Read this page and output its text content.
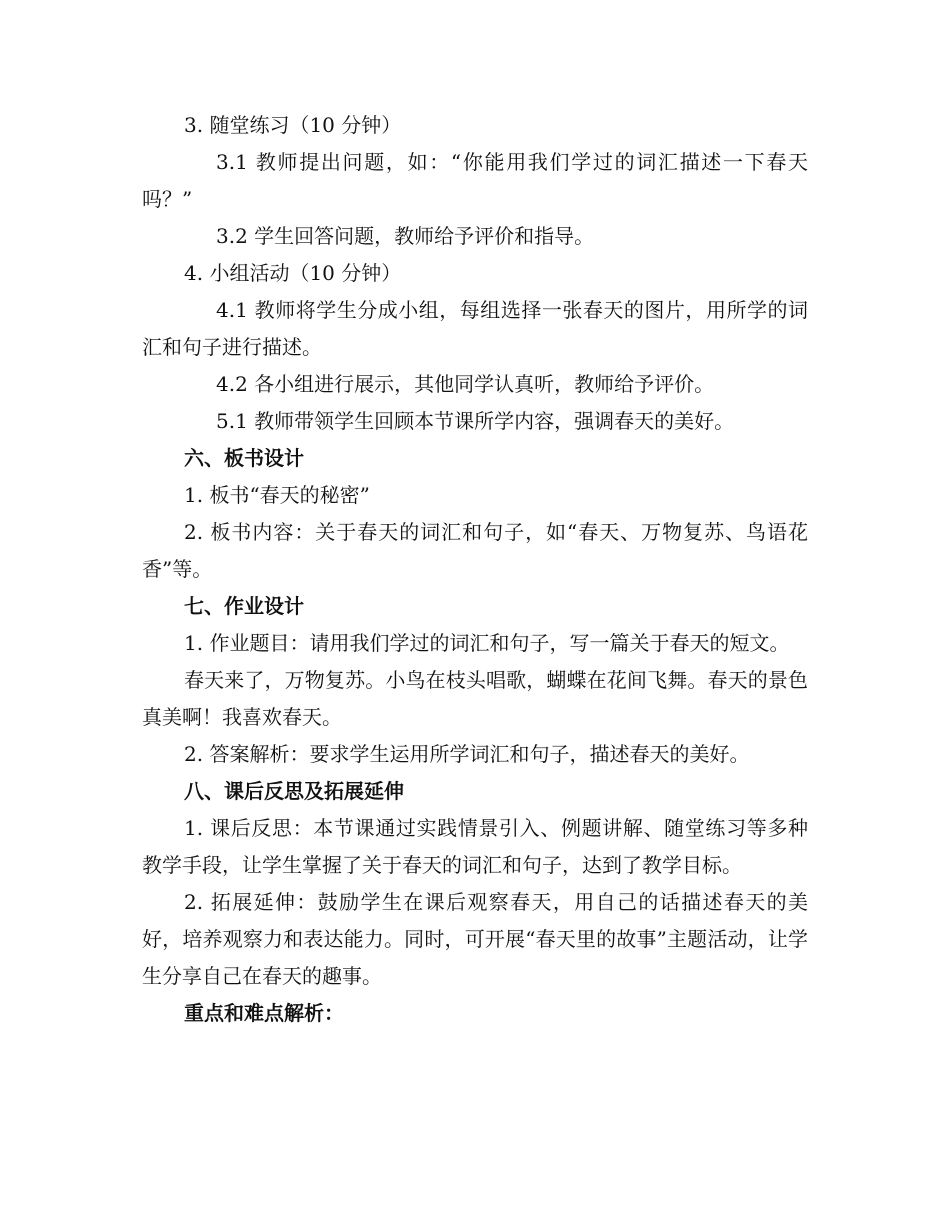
3. 随堂练习（10 分钟）

3.1 教师提出问题，如：“你能用我们学过的词汇描述一下春天吗？”

3.2 学生回答问题，教师给予评价和指导。

4. 小组活动（10 分钟）

4.1 教师将学生分成小组，每组选择一张春天的图片，用所学的词汇和句子进行描述。

4.2 各小组进行展示，其他同学认真听，教师给予评价。

5.1 教师带领学生回顾本节课所学内容，强调春天的美好。

六、板书设计

1. 板书“春天的秘密”

2. 板书内容：关于春天的词汇和句子，如“春天、万物复苏、鸟语花香”等。

七、作业设计

1. 作业题目：请用我们学过的词汇和句子，写一篇关于春天的短文。

春天来了，万物复苏。小鸟在枝头唱歌，蝴蝶在花间飞舞。春天的景色真美啊！我喜欢春天。

2. 答案解析：要求学生运用所学词汇和句子，描述春天的美好。

八、课后反思及拓展延伸

1. 课后反思：本节课通过实践情景引入、例题讲解、随堂练习等多种教学手段，让学生掌握了关于春天的词汇和句子，达到了教学目标。

2. 拓展延伸：鼓励学生在课后观察春天，用自己的话描述春天的美好，培养观察力和表达能力。同时，可开展“春天里的故事”主题活动，让学生分享自己在春天的趣事。

重点和难点解析：
